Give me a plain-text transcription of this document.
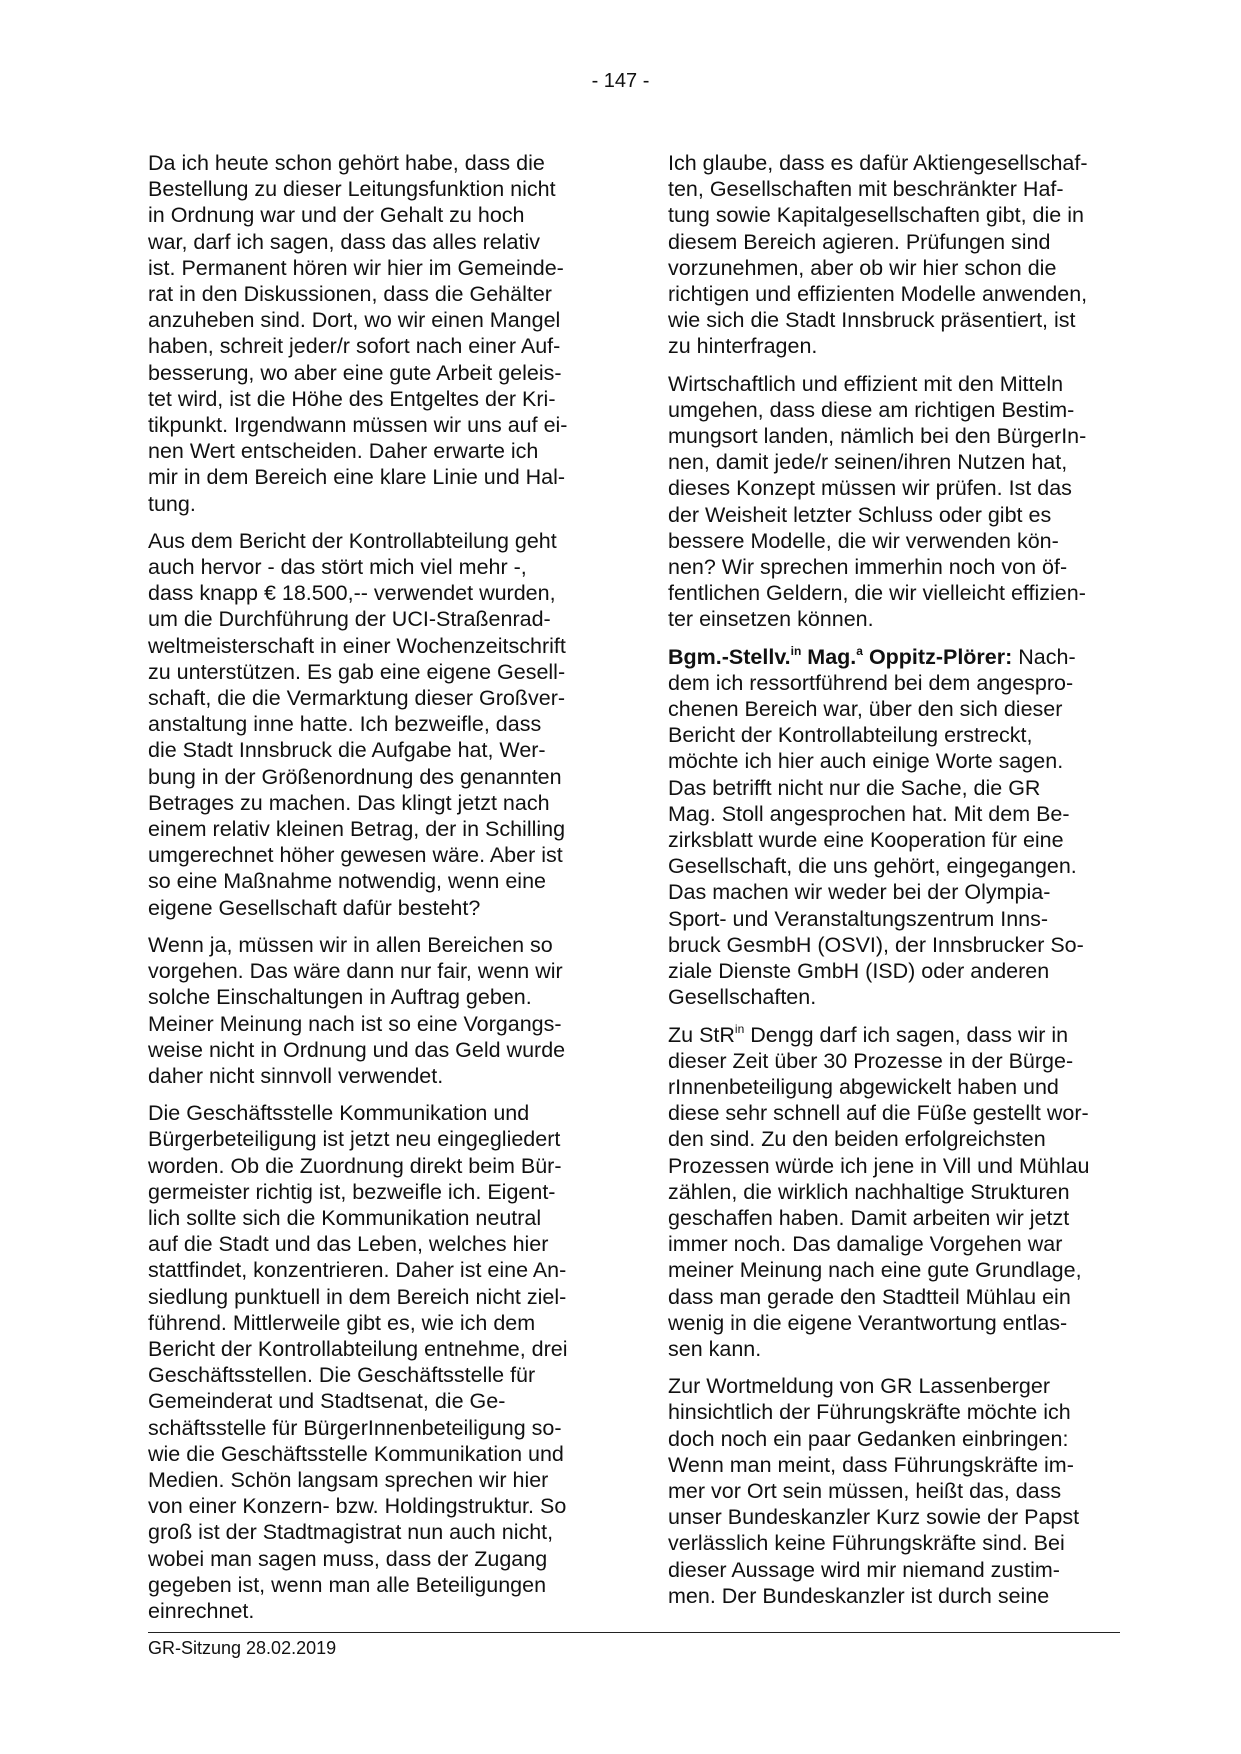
- 147 -

Da ich heute schon gehört habe, dass die
Bestellung zu dieser Leitungsfunktion nicht
in Ordnung war und der Gehalt zu hoch
war, darf ich sagen, dass das alles relativ
ist. Permanent hören wir hier im Gemeinde-
rat in den Diskussionen, dass die Gehälter
anzuheben sind. Dort, wo wir einen Mangel
haben, schreit jeder/r sofort nach einer Auf-
besserung, wo aber eine gute Arbeit geleis-
tet wird, ist die Höhe des Entgeltes der Kri-
tikpunkt. Irgendwann müssen wir uns auf ei-
nen Wert entscheiden. Daher erwarte ich
mir in dem Bereich eine klare Linie und Hal-
tung.

Aus dem Bericht der Kontrollabteilung geht
auch hervor - das stört mich viel mehr -,
dass knapp € 18.500,-- verwendet wurden,
um die Durchführung der UCI-Straßenrad-
weltmeisterschaft in einer Wochenzeitschrift
zu unterstützen. Es gab eine eigene Gesell-
schaft, die die Vermarktung dieser Großver-
anstaltung inne hatte. Ich bezweifle, dass
die Stadt Innsbruck die Aufgabe hat, Wer-
bung in der Größenordnung des genannten
Betrages zu machen. Das klingt jetzt nach
einem relativ kleinen Betrag, der in Schilling
umgerechnet höher gewesen wäre. Aber ist
so eine Maßnahme notwendig, wenn eine
eigene Gesellschaft dafür besteht?

Wenn ja, müssen wir in allen Bereichen so
vorgehen. Das wäre dann nur fair, wenn wir
solche Einschaltungen in Auftrag geben.
Meiner Meinung nach ist so eine Vorgangs-
weise nicht in Ordnung und das Geld wurde
daher nicht sinnvoll verwendet.

Die Geschäftsstelle Kommunikation und
Bürgerbeteiligung ist jetzt neu eingegliedert
worden. Ob die Zuordnung direkt beim Bür-
germeister richtig ist, bezweifle ich. Eigent-
lich sollte sich die Kommunikation neutral
auf die Stadt und das Leben, welches hier
stattfindet, konzentrieren. Daher ist eine An-
siedlung punktuell in dem Bereich nicht ziel-
führend. Mittlerweile gibt es, wie ich dem
Bericht der Kontrollabteilung entnehme, drei
Geschäftsstellen. Die Geschäftsstelle für
Gemeinderat und Stadtsenat, die Ge-
schäftsstelle für BürgerInnenbeteiligung so-
wie die Geschäftsstelle Kommunikation und
Medien. Schön langsam sprechen wir hier
von einer Konzern- bzw. Holdingstruktur. So
groß ist der Stadtmagistrat nun auch nicht,
wobei man sagen muss, dass der Zugang
gegeben ist, wenn man alle Beteiligungen
einrechnet.

Ich glaube, dass es dafür Aktiengesellschaf-
ten, Gesellschaften mit beschränkter Haf-
tung sowie Kapitalgesellschaften gibt, die in
diesem Bereich agieren. Prüfungen sind
vorzunehmen, aber ob wir hier schon die
richtigen und effizienten Modelle anwenden,
wie sich die Stadt Innsbruck präsentiert, ist
zu hinterfragen.

Wirtschaftlich und effizient mit den Mitteln
umgehen, dass diese am richtigen Bestim-
mungsort landen, nämlich bei den BürgerIn-
nen, damit jede/r seinen/ihren Nutzen hat,
dieses Konzept müssen wir prüfen. Ist das
der Weisheit letzter Schluss oder gibt es
bessere Modelle, die wir verwenden kön-
nen? Wir sprechen immerhin noch von öf-
fentlichen Geldern, die wir vielleicht effizien-
ter einsetzen können.

Bgm.-Stellv.$^{in}$ Mag.$^a$ Oppitz-Plörer: Nach-
dem ich ressortführend bei dem angespro-
chenen Bereich war, über den sich dieser
Bericht der Kontrollabteilung erstreckt,
möchte ich hier auch einige Worte sagen.
Das betrifft nicht nur die Sache, die GR
Mag. Stoll angesprochen hat. Mit dem Be-
zirksblatt wurde eine Kooperation für eine
Gesellschaft, die uns gehört, eingegangen.
Das machen wir weder bei der Olympia-
Sport- und Veranstaltungszentrum Inns-
bruck GesmbH (OSVI), der Innsbrucker So-
ziale Dienste GmbH (ISD) oder anderen
Gesellschaften.

Zu StR$^{in}$ Dengg darf ich sagen, dass wir in
dieser Zeit über 30 Prozesse in der Bürge-
rInnenbeteiligung abgewickelt haben und
diese sehr schnell auf die Füße gestellt wor-
den sind. Zu den beiden erfolgreichsten
Prozessen würde ich jene in Vill und Mühlau
zählen, die wirklich nachhaltige Strukturen
geschaffen haben. Damit arbeiten wir jetzt
immer noch. Das damalige Vorgehen war
meiner Meinung nach eine gute Grundlage,
dass man gerade den Stadtteil Mühlau ein
wenig in die eigene Verantwortung entlas-
sen kann.

Zur Wortmeldung von GR Lassenberger
hinsichtlich der Führungskräfte möchte ich
doch noch ein paar Gedanken einbringen:
Wenn man meint, dass Führungskräfte im-
mer vor Ort sein müssen, heißt das, dass
unser Bundeskanzler Kurz sowie der Papst
verlässlich keine Führungskräfte sind. Bei
dieser Aussage wird mir niemand zustim-
men. Der Bundeskanzler ist durch seine

GR-Sitzung 28.02.2019
